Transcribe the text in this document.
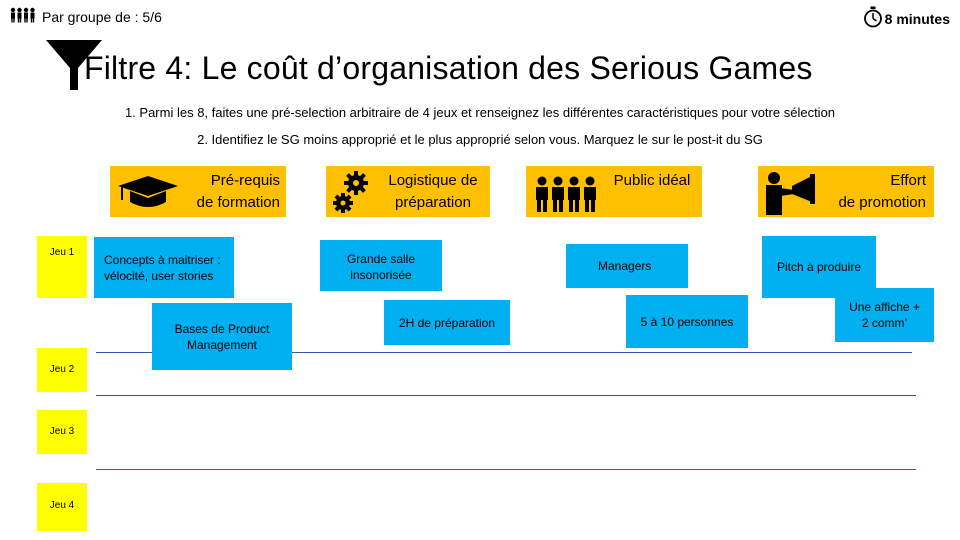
Par groupe de : 5/6	8 minutes
Filtre 4: Le coût d’organisation des Serious Games
1. Parmi les 8, faites une pré-selection arbitraire de 4 jeux et renseignez les différentes caractéristiques pour votre sélection
2. Identifiez le SG moins approprié et le plus approprié selon vous. Marquez le sur le post-it du SG
Pré-requis
de formation
Logistique de
préparation
Public idéal	Effort
de promotion
Jeu 1
Jeu 2
Jeu 3
Jeu 4
Concepts à maitriser :
vélocité, user stories
Bases de Product
Management
Grande salle
insonorisée
2H de préparation
Managers
5 à 10 personnes
Pitch à produire
Une affiche +
2 comm’
